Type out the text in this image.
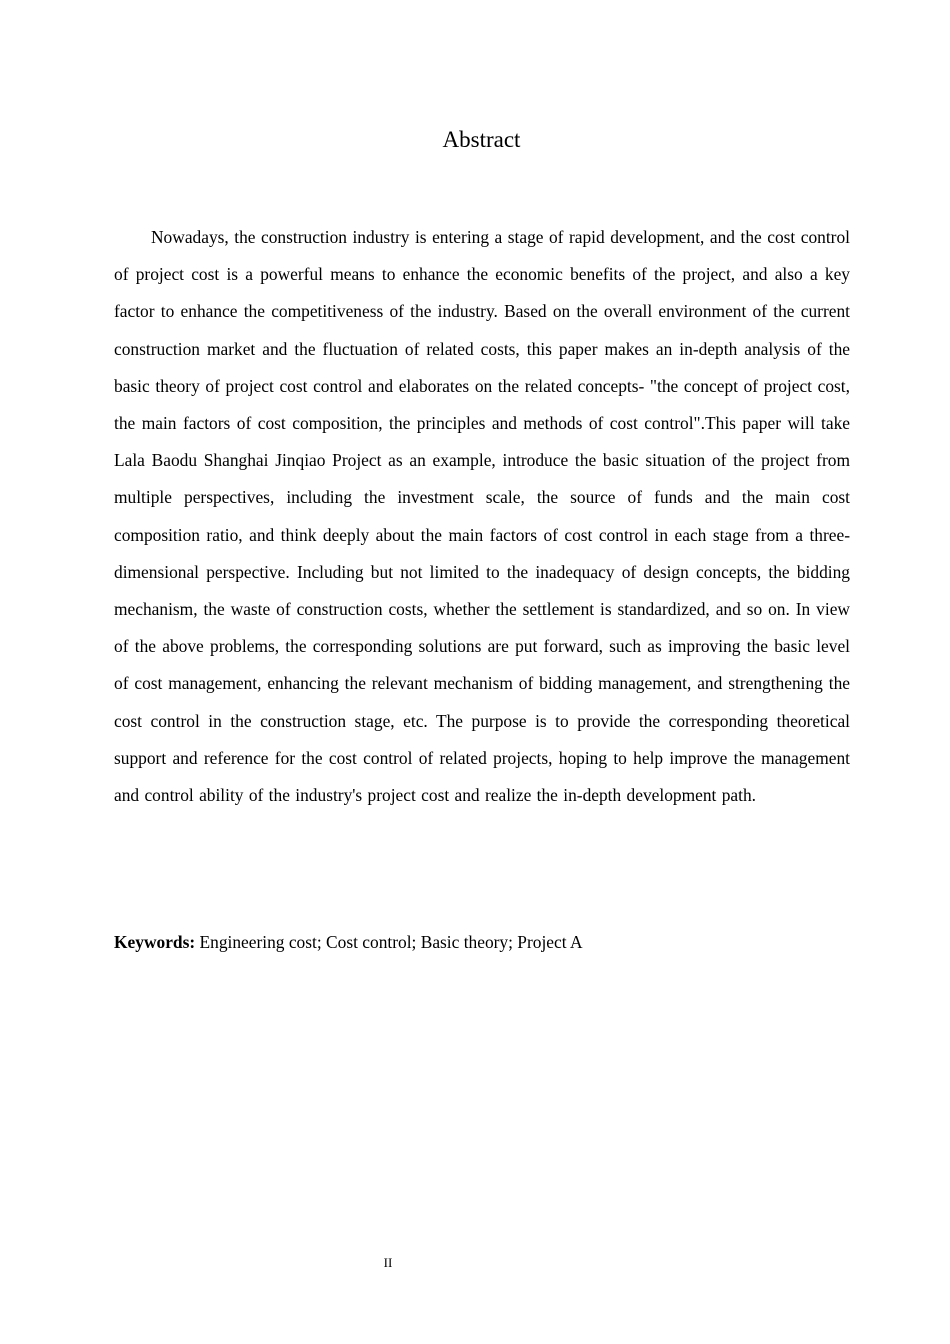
Abstract

Nowadays, the construction industry is entering a stage of rapid development, and the cost control of project cost is a powerful means to enhance the economic benefits of the project, and also a key factor to enhance the competitiveness of the industry. Based on the overall environment of the current construction market and the fluctuation of related costs, this paper makes an in-depth analysis of the basic theory of project cost control and elaborates on the related concepts- "the concept of project cost, the main factors of cost composition, the principles and methods of cost control".This paper will take Lala Baodu Shanghai Jinqiao Project as an example, introduce the basic situation of the project from multiple perspectives, including the investment scale, the source of funds and the main cost composition ratio, and think deeply about the main factors of cost control in each stage from a three-dimensional perspective. Including but not limited to the inadequacy of design concepts, the bidding mechanism, the waste of construction costs, whether the settlement is standardized, and so on. In view of the above problems, the corresponding solutions are put forward, such as improving the basic level of cost management, enhancing the relevant mechanism of bidding management, and strengthening the cost control in the construction stage, etc. The purpose is to provide the corresponding theoretical support and reference for the cost control of related projects, hoping to help improve the management and control ability of the industry's project cost and realize the in-depth development path.

Keywords: Engineering cost; Cost control; Basic theory; Project A

II
